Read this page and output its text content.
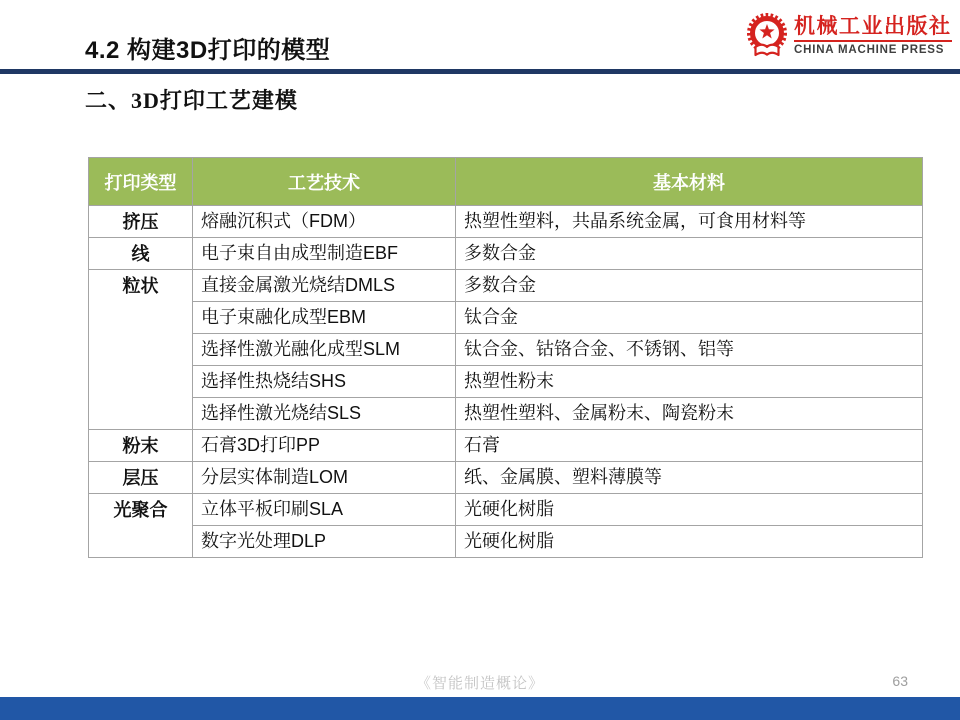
4.2 构建3D打印的模型
机械工业出版社
CHINA MACHINE PRESS
二、3D打印工艺建模
打印类型	工艺技术	基本材料
挤压	熔融沉积式（FDM）	热塑性塑料，共晶系统金属，可食用材料等
线	电子束自由成型制造EBF	多数合金
粒状	直接金属激光烧结DMLS	多数合金
	电子束融化成型EBM	钛合金
	选择性激光融化成型SLM	钛合金、钴铬合金、不锈钢、铝等
	选择性热烧结SHS	热塑性粉末
	选择性激光烧结SLS	热塑性塑料、金属粉末、陶瓷粉末
粉末	石膏3D打印PP	石膏
层压	分层实体制造LOM	纸、金属膜、塑料薄膜等
光聚合	立体平板印刷SLA	光硬化树脂
	数字光处理DLP	光硬化树脂
《智能制造概论》	63
